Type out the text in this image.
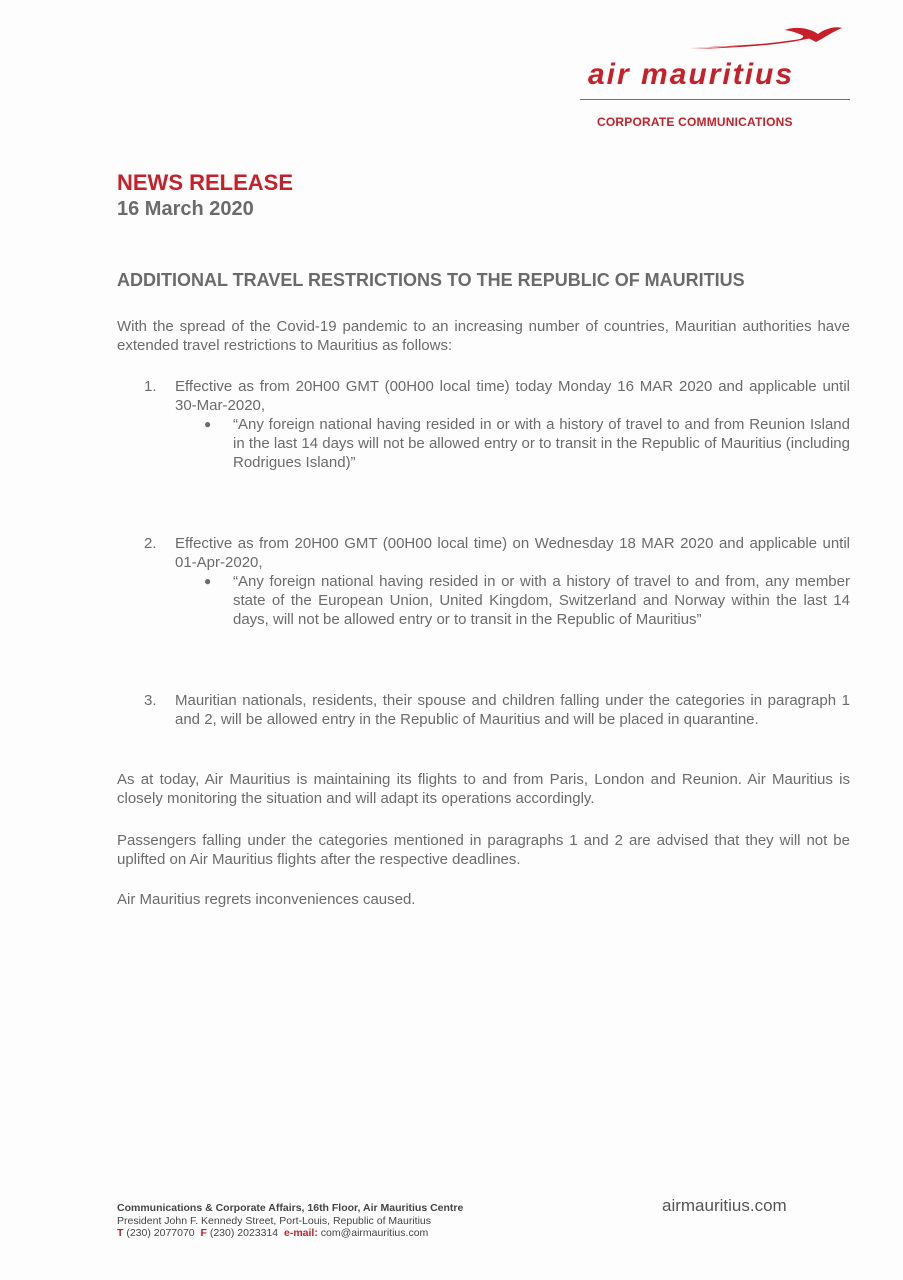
air mauritius
CORPORATE COMMUNICATIONS
NEWS RELEASE
16 March 2020
ADDITIONAL TRAVEL RESTRICTIONS TO THE REPUBLIC OF MAURITIUS
With the spread of the Covid-19 pandemic to an increasing number of countries, Mauritian authorities have extended travel restrictions to Mauritius as follows:
1. Effective as from 20H00 GMT (00H00 local time) today Monday 16 MAR 2020 and applicable until 30-Mar-2020,
● “Any foreign national having resided in or with a history of travel to and from Reunion Island in the last 14 days will not be allowed entry or to transit in the Republic of Mauritius (including Rodrigues Island)”
2. Effective as from 20H00 GMT (00H00 local time) on Wednesday 18 MAR 2020 and applicable until 01-Apr-2020,
● “Any foreign national having resided in or with a history of travel to and from, any member state of the European Union, United Kingdom, Switzerland and Norway within the last 14 days, will not be allowed entry or to transit in the Republic of Mauritius”
3. Mauritian nationals, residents, their spouse and children falling under the categories in paragraph 1 and 2, will be allowed entry in the Republic of Mauritius and will be placed in quarantine.
As at today, Air Mauritius is maintaining its flights to and from Paris, London and Reunion. Air Mauritius is closely monitoring the situation and will adapt its operations accordingly.
Passengers falling under the categories mentioned in paragraphs 1 and 2 are advised that they will not be uplifted on Air Mauritius flights after the respective deadlines.
Air Mauritius regrets inconveniences caused.
Communications & Corporate Affairs, 16th Floor, Air Mauritius Centre
President John F. Kennedy Street, Port-Louis, Republic of Mauritius
T (230) 2077070 F (230) 2023314 e-mail: com@airmauritius.com
airmauritius.com
